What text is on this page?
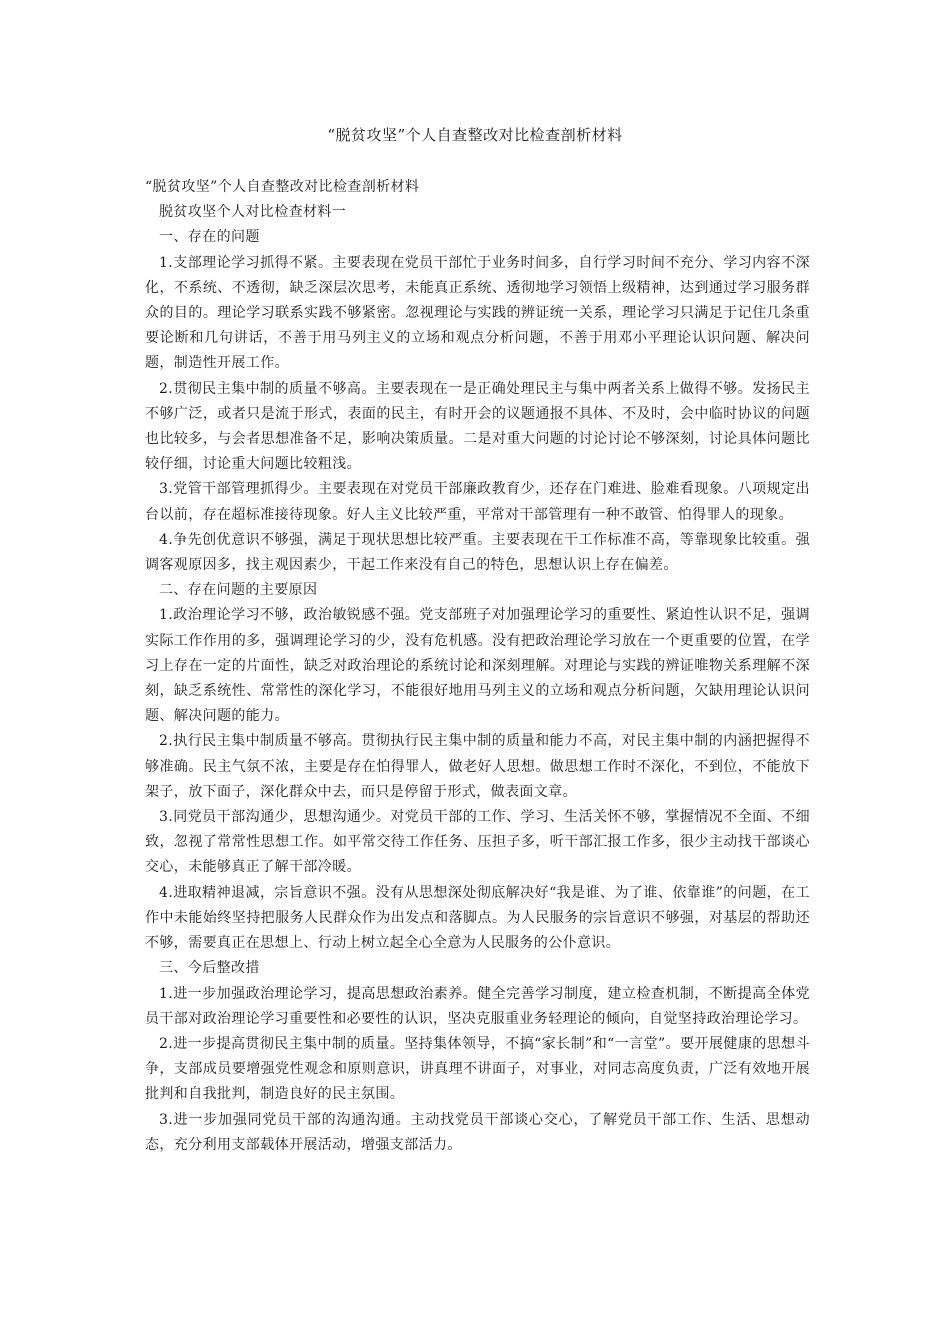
“脱贫攻坚”个人自查整改对比检查剖析材料

“脱贫攻坚”个人自查整改对比检查剖析材料

脱贫攻坚个人对比检查材料一

一、存在的问题

1.支部理论学习抓得不紧。主要表现在党员干部忙于业务时间多，自行学习时间不充分、学习内容不深化，不系统、不透彻，缺乏深层次思考，未能真正系统、透彻地学习领悟上级精神，达到通过学习服务群众的目的。理论学习联系实践不够紧密。忽视理论与实践的辨证统一关系，理论学习只满足于记住几条重要论断和几句讲话，不善于用马列主义的立场和观点分析问题，不善于用邓小平理论认识问题、解决问题，制造性开展工作。

2.贯彻民主集中制的质量不够高。主要表现在一是正确处理民主与集中两者关系上做得不够。发扬民主不够广泛，或者只是流于形式，表面的民主，有时开会的议题通报不具体、不及时，会中临时协议的问题也比较多，与会者思想准备不足，影响决策质量。二是对重大问题的讨论讨论不够深刻，讨论具体问题比较仔细，讨论重大问题比较粗浅。

3.党管干部管理抓得少。主要表现在对党员干部廉政教育少，还存在门难进、脸难看现象。八项规定出台以前，存在超标准接待现象。好人主义比较严重，平常对干部管理有一种不敢管、怕得罪人的现象。

4.争先创优意识不够强，满足于现状思想比较严重。主要表现在干工作标准不高，等靠现象比较重。强调客观原因多，找主观因素少，干起工作来没有自己的特色，思想认识上存在偏差。

二、存在问题的主要原因

1.政治理论学习不够，政治敏锐感不强。党支部班子对加强理论学习的重要性、紧迫性认识不足，强调实际工作作用的多，强调理论学习的少，没有危机感。没有把政治理论学习放在一个更重要的位置，在学习上存在一定的片面性，缺乏对政治理论的系统讨论和深刻理解。对理论与实践的辨证唯物关系理解不深刻，缺乏系统性、常常性的深化学习，不能很好地用马列主义的立场和观点分析问题，欠缺用理论认识问题、解决问题的能力。

2.执行民主集中制质量不够高。贯彻执行民主集中制的质量和能力不高，对民主集中制的内涵把握得不够准确。民主气氛不浓，主要是存在怕得罪人，做老好人思想。做思想工作时不深化，不到位，不能放下架子，放下面子，深化群众中去，而只是停留于形式，做表面文章。

3.同党员干部沟通少，思想沟通少。对党员干部的工作、学习、生活关怀不够，掌握情况不全面、不细致，忽视了常常性思想工作。如平常交待工作任务、压担子多，听干部汇报工作多，很少主动找干部谈心交心，未能够真正了解干部冷暖。

4.进取精神退减，宗旨意识不强。没有从思想深处彻底解决好“我是谁、为了谁、依靠谁”的问题，在工作中未能始终坚持把服务人民群众作为出发点和落脚点。为人民服务的宗旨意识不够强，对基层的帮助还不够，需要真正在思想上、行动上树立起全心全意为人民服务的公仆意识。

三、今后整改措

1.进一步加强政治理论学习，提高思想政治素养。健全完善学习制度，建立检查机制，不断提高全体党员干部对政治理论学习重要性和必要性的认识，坚决克服重业务轻理论的倾向，自觉坚持政治理论学习。

2.进一步提高贯彻民主集中制的质量。坚持集体领导，不搞“家长制”和“一言堂”。要开展健康的思想斗争，支部成员要增强党性观念和原则意识，讲真理不讲面子，对事业，对同志高度负责，广泛有效地开展批判和自我批判，制造良好的民主氛围。

3.进一步加强同党员干部的沟通沟通。主动找党员干部谈心交心，了解党员干部工作、生活、思想动态，充分利用支部载体开展活动，增强支部活力。
